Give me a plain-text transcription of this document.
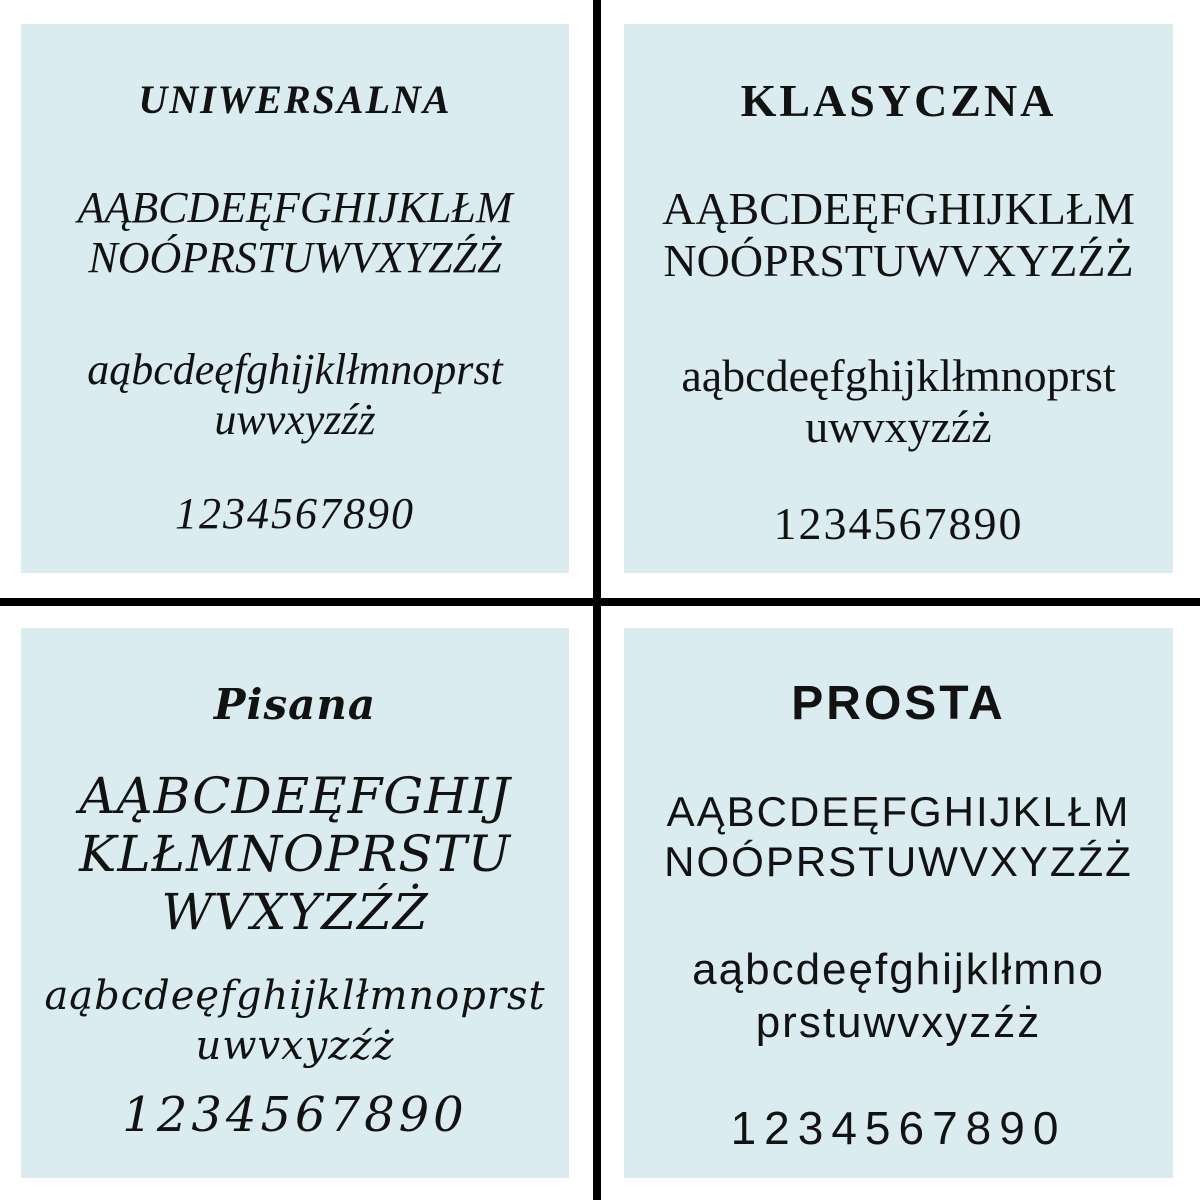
UNIWERSALNA
AĄBCDEĘFGHIJKLŁM
NOÓPRSTUWVXYZŹŻ
aąbcdeęfghijklłmnoprst
uwvxyzźż
1234567890
KLASYCZNA
AĄBCDEĘFGHIJKLŁM
NOÓPRSTUWVXYZŹŻ
aąbcdeęfghijklłmnoprst
uwvxyzźż
1234567890
Pisana
AĄBCDEĘFGHIJ
KLŁMNOPRSTU
WVXYZŹŻ
aąbcdeęfghijklłmnoprst
uwvxyzźż
1234567890
PROSTA
AĄBCDEĘFGHIJKLŁM
NOÓPRSTUWVXYZŹŻ
aąbcdeęfghijklłmno
prstuwvxyzźż
1234567890
